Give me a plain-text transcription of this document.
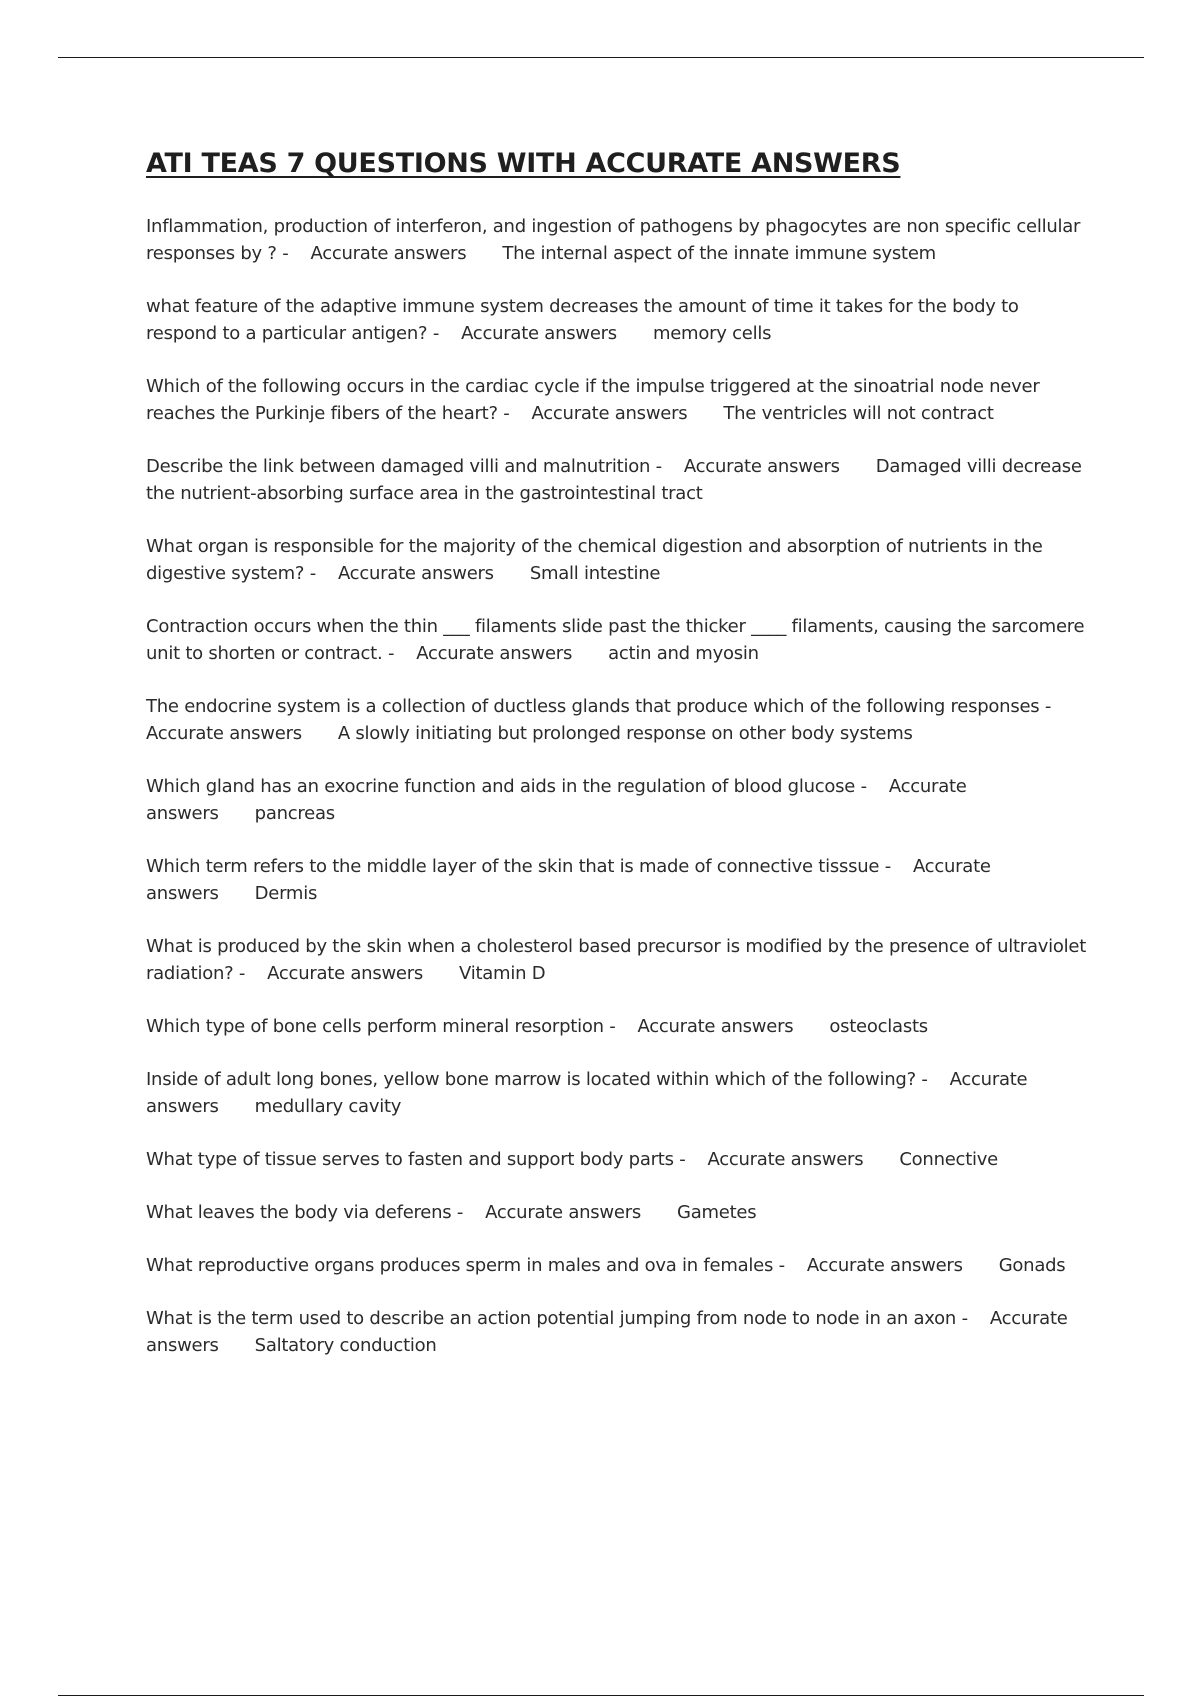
ATI TEAS 7 QUESTIONS WITH ACCURATE ANSWERS

Inflammation, production of interferon, and ingestion of pathogens by phagocytes are non specific cellular responses by ? - Accurate answers The internal aspect of the innate immune system

what feature of the adaptive immune system decreases the amount of time it takes for the body to respond to a particular antigen? - Accurate answers memory cells

Which of the following occurs in the cardiac cycle if the impulse triggered at the sinoatrial node never reaches the Purkinje fibers of the heart? - Accurate answers The ventricles will not contract

Describe the link between damaged villi and malnutrition - Accurate answers Damaged villi decrease the nutrient-absorbing surface area in the gastrointestinal tract

What organ is responsible for the majority of the chemical digestion and absorption of nutrients in the digestive system? - Accurate answers Small intestine

Contraction occurs when the thin ___ filaments slide past the thicker ____ filaments, causing the sarcomere unit to shorten or contract. - Accurate answers actin and myosin

The endocrine system is a collection of ductless glands that produce which of the following responses -Accurate answers A slowly initiating but prolonged response on other body systems

Which gland has an exocrine function and aids in the regulation of blood glucose - Accurate answers pancreas

Which term refers to the middle layer of the skin that is made of connective tisssue - Accurate answers Dermis

What is produced by the skin when a cholesterol based precursor is modified by the presence of ultraviolet radiation? - Accurate answers Vitamin D

Which type of bone cells perform mineral resorption - Accurate answers osteoclasts

Inside of adult long bones, yellow bone marrow is located within which of the following? - Accurate answers medullary cavity

What type of tissue serves to fasten and support body parts - Accurate answers Connective

What leaves the body via deferens - Accurate answers Gametes

What reproductive organs produces sperm in males and ova in females - Accurate answers Gonads

What is the term used to describe an action potential jumping from node to node in an axon - Accurate answers Saltatory conduction
